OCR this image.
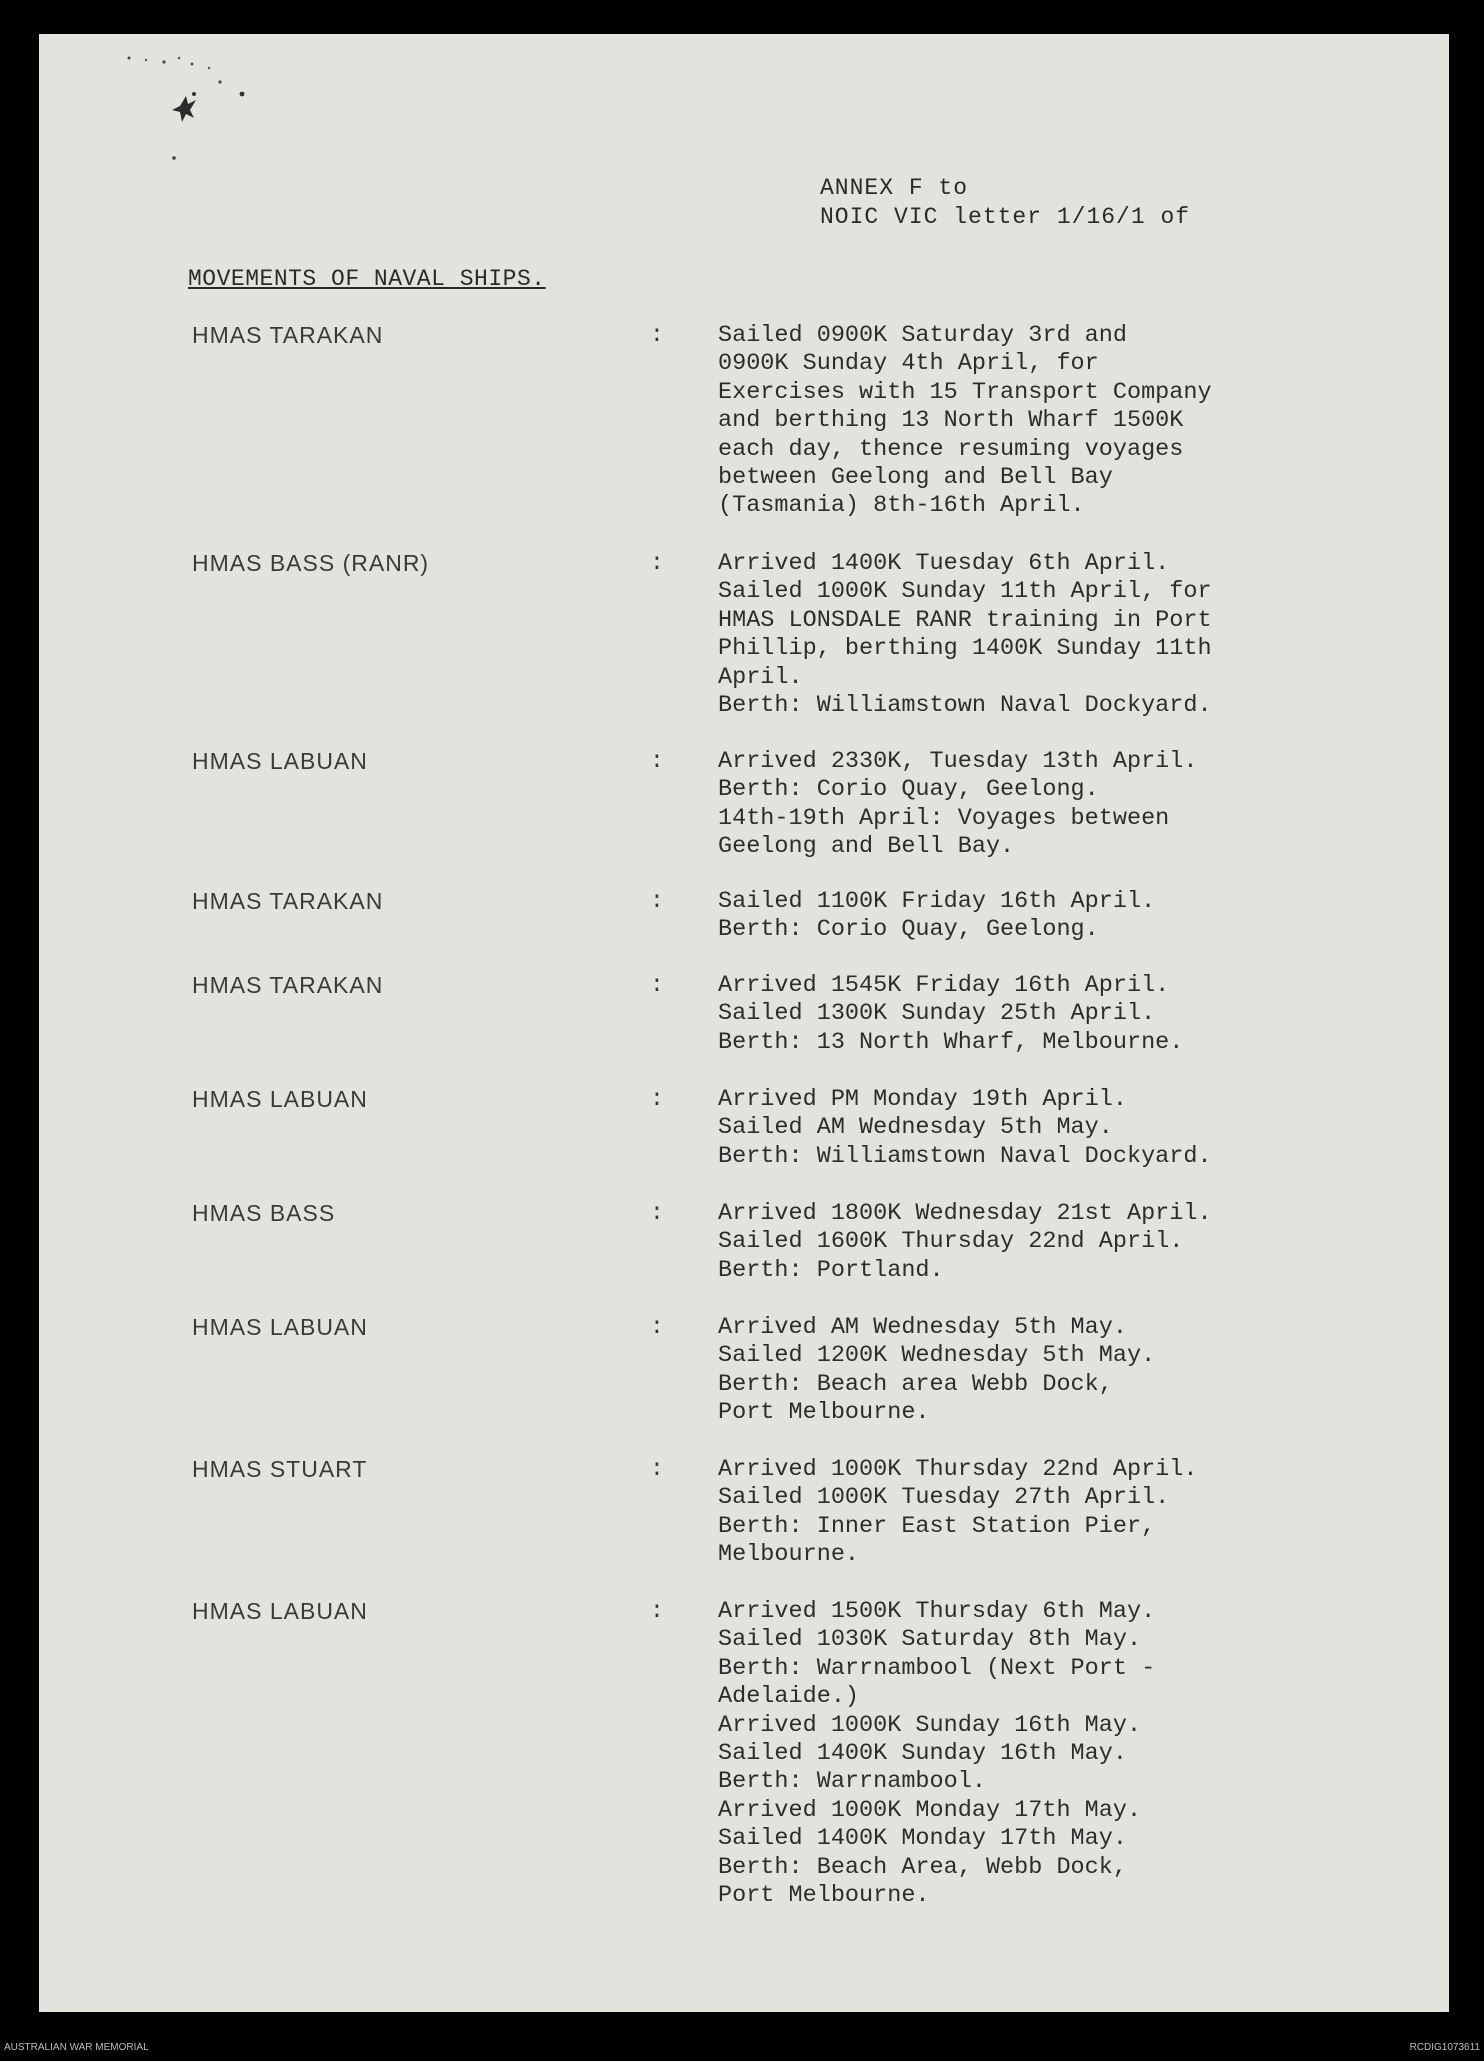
ANNEX F to
NOIC VIC letter 1/16/1 of
MOVEMENTS OF NAVAL SHIPS.
HMAS TARAKAN	: Sailed 0900K Saturday 3rd and
0900K Sunday 4th April, for
Exercises with 15 Transport Company
and berthing 13 North Wharf 1500K
each day, thence resuming voyages
between Geelong and Bell Bay
(Tasmania) 8th-16th April.
HMAS BASS (RANR)	: Arrived 1400K Tuesday 6th April.
Sailed 1000K Sunday 11th April, for
HMAS LONSDALE RANR training in Port
Phillip, berthing 1400K Sunday 11th
April.
Berth: Williamstown Naval Dockyard.
HMAS LABUAN	: Arrived 2330K, Tuesday 13th April.
Berth: Corio Quay, Geelong.
14th-19th April: Voyages between
Geelong and Bell Bay.
HMAS TARAKAN	: Sailed 1100K Friday 16th April.
Berth: Corio Quay, Geelong.
HMAS TARAKAN	: Arrived 1545K Friday 16th April.
Sailed 1300K Sunday 25th April.
Berth: 13 North Wharf, Melbourne.
HMAS LABUAN	: Arrived PM Monday 19th April.
Sailed AM Wednesday 5th May.
Berth: Williamstown Naval Dockyard.
HMAS BASS	: Arrived 1800K Wednesday 21st April.
Sailed 1600K Thursday 22nd April.
Berth: Portland.
HMAS LABUAN	: Arrived AM Wednesday 5th May.
Sailed 1200K Wednesday 5th May.
Berth: Beach area Webb Dock,
Port Melbourne.
HMAS STUART	: Arrived 1000K Thursday 22nd April.
Sailed 1000K Tuesday 27th April.
Berth: Inner East Station Pier,
Melbourne.
HMAS LABUAN	: Arrived 1500K Thursday 6th May.
Sailed 1030K Saturday 8th May.
Berth: Warrnambool (Next Port -
Adelaide.)
Arrived 1000K Sunday 16th May.
Sailed 1400K Sunday 16th May.
Berth: Warrnambool.
Arrived 1000K Monday 17th May.
Sailed 1400K Monday 17th May.
Berth: Beach Area, Webb Dock,
Port Melbourne.
AUSTRALIAN WAR MEMORIAL	RCDIG1073611
